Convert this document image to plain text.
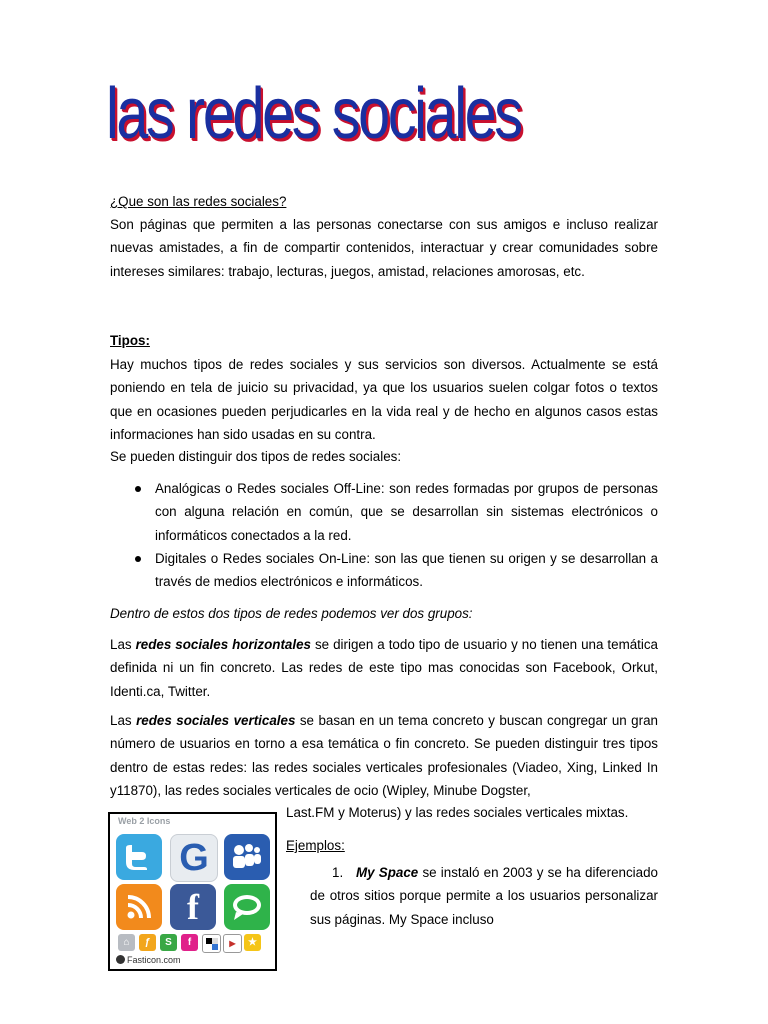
las redes sociales
¿Que son las redes sociales?

Son páginas que permiten a las personas conectarse con sus amigos e incluso realizar nuevas amistades, a fin de compartir contenidos, interactuar y crear comunidades sobre intereses similares: trabajo, lecturas, juegos, amistad, relaciones amorosas, etc.

Tipos:

Hay muchos tipos de redes sociales y sus servicios son diversos. Actualmente se está poniendo en tela de juicio su privacidad, ya que los usuarios suelen colgar fotos o textos que en ocasiones pueden perjudicarles en la vida real y de hecho en algunos casos estas informaciones han sido usadas en su contra.

Se pueden distinguir dos tipos de redes sociales:

Analógicas o Redes sociales Off-Line: son redes formadas por grupos de personas con alguna relación en común, que se desarrollan sin sistemas electrónicos o informáticos conectados a la red.
Digitales o Redes sociales On-Line: son las que tienen su origen y se desarrollan a través de medios electrónicos e informáticos.

Dentro de estos dos tipos de redes podemos ver dos grupos:

Las redes sociales horizontales se dirigen a todo tipo de usuario y no tienen una temática definida ni un fin concreto. Las redes de este tipo mas conocidas son Facebook, Orkut, Identi.ca, Twitter.

Las redes sociales verticales se basan en un tema concreto y buscan congregar un gran número de usuarios en torno a esa temática o fin concreto. Se pueden distinguir tres tipos dentro de estas redes: las redes sociales verticales profesionales (Viadeo, Xing, Linked In y11870), las redes sociales verticales de ocio (Wipley, Minube Dogster,

Last.FM y Moterus) y las redes sociales verticales mixtas.

Ejemplos:
1. My Space se instaló en 2003 y se ha diferenciado de otros sitios porque permite a los usuarios personalizar sus páginas. My Space incluso

Web 2 Icons
G
f
⌂	ƒ	S	f	▶	★
Fasticon.com
